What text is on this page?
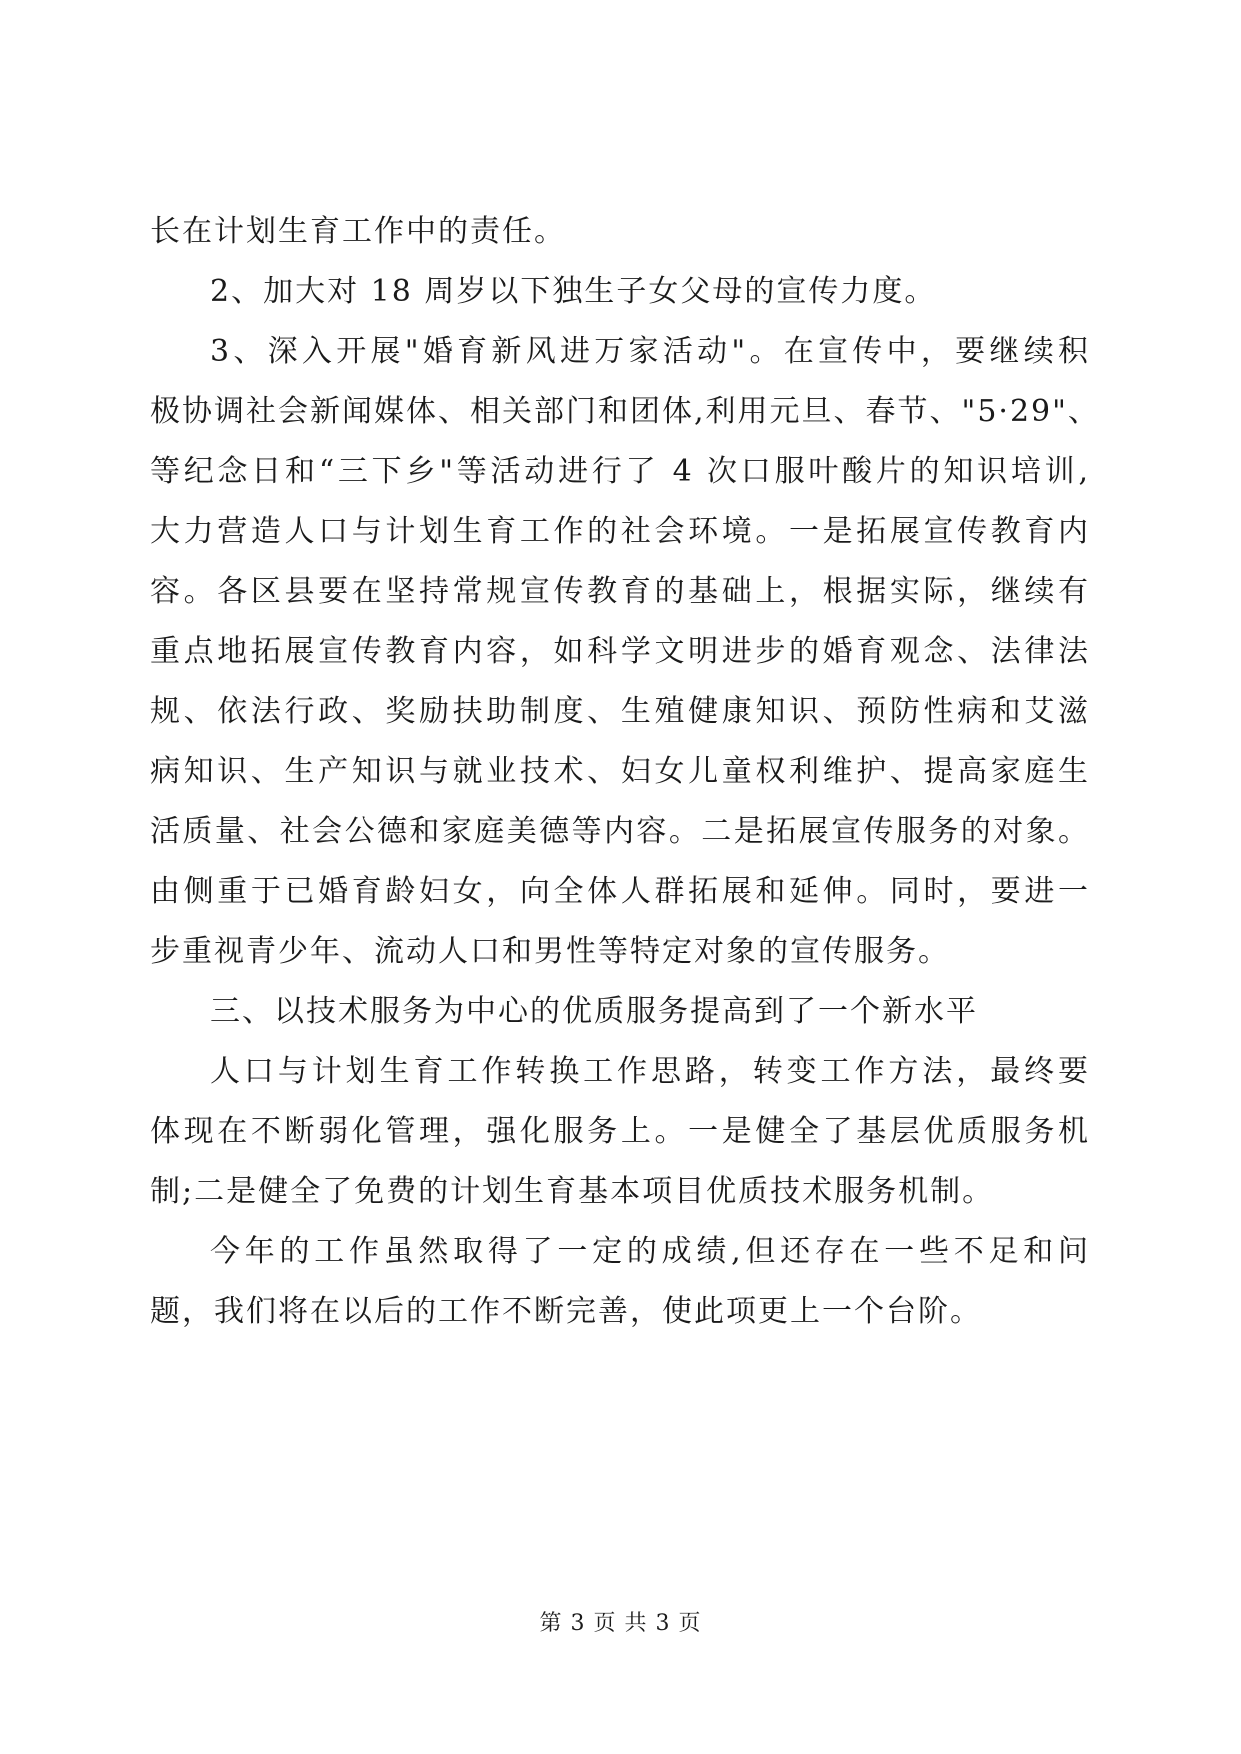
长在计划生育工作中的责任。
2、加大对 18 周岁以下独生子女父母的宣传力度。
3、深入开展"婚育新风进万家活动"。在宣传中，要继续积
极协调社会新闻媒体、相关部门和团体,利用元旦、春节、"5·29"、
等纪念日和“三下乡"等活动进行了 4 次口服叶酸片的知识培训,
大力营造人口与计划生育工作的社会环境。一是拓展宣传教育内
容。各区县要在坚持常规宣传教育的基础上，根据实际，继续有
重点地拓展宣传教育内容，如科学文明进步的婚育观念、法律法
规、依法行政、奖励扶助制度、生殖健康知识、预防性病和艾滋
病知识、生产知识与就业技术、妇女儿童权利维护、提高家庭生
活质量、社会公德和家庭美德等内容。二是拓展宣传服务的对象。
由侧重于已婚育龄妇女，向全体人群拓展和延伸。同时，要进一
步重视青少年、流动人口和男性等特定对象的宣传服务。
三、以技术服务为中心的优质服务提高到了一个新水平
人口与计划生育工作转换工作思路，转变工作方法，最终要
体现在不断弱化管理，强化服务上。一是健全了基层优质服务机
制;二是健全了免费的计划生育基本项目优质技术服务机制。
今年的工作虽然取得了一定的成绩,但还存在一些不足和问
题，我们将在以后的工作不断完善，使此项更上一个台阶。
第 3 页 共 3 页
